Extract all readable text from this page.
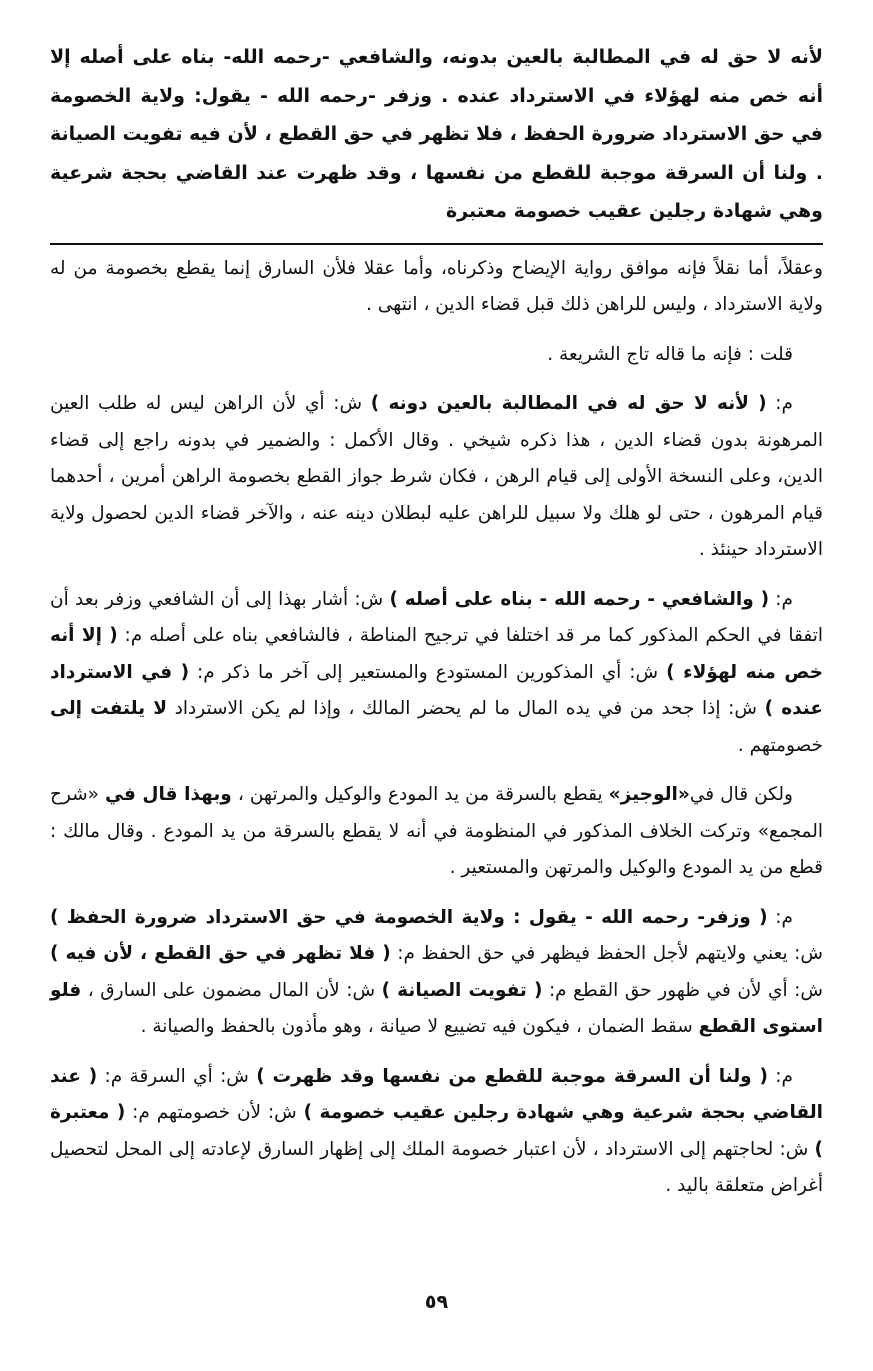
لأنه لا حق له في المطالبة بالعين بدونه، والشافعي -رحمه الله- بناه على أصله إلا أنه خص منه لهؤلاء في الاسترداد عنده . وزفر -رحمه الله - يقول: ولاية الخصومة في حق الاسترداد ضرورة الحفظ ، فلا تظهر في حق القطع ، لأن فيه تفويت الصيانة . ولنا أن السرقة موجبة للقطع من نفسها ، وقد ظهرت عند القاضي بحجة شرعية وهي شهادة رجلين عقيب خصومة معتبرة

وعقلاً، أما نقلاً فإنه موافق رواية الإيضاح وذكرناه، وأما عقلا فلأن السارق إنما يقطع بخصومة من له ولاية الاسترداد ، وليس للراهن ذلك قبل قضاء الدين ، انتهى .

قلت : فإنه ما قاله تاج الشريعة .

م: ( لأنه لا حق له في المطالبة بالعين دونه ) ش: أي لأن الراهن ليس له طلب العين المرهونة بدون قضاء الدين ، هذا ذكره شيخي . وقال الأكمل : والضمير في بدونه راجع إلى قضاء الدين، وعلى النسخة الأولى إلى قيام الرهن ، فكان شرط جواز القطع بخصومة الراهن أمرين ، أحدهما قيام المرهون ، حتى لو هلك ولا سبيل للراهن عليه لبطلان دينه عنه ، والآخر قضاء الدين لحصول ولاية الاسترداد حينئذ .

م: ( والشافعي - رحمه الله - بناه على أصله ) ش: أشار بهذا إلى أن الشافعي وزفر بعد أن اتفقا في الحكم المذكور كما مر قد اختلفا في ترجيح المناطة ، فالشافعي بناه على أصله م: ( إلا أنه خص منه لهؤلاء ) ش: أي المذكورين المستودع والمستعير إلى آخر ما ذكر م: ( في الاسترداد عنده ) ش: إذا جحد من في يده المال ما لم يحضر المالك ، وإذا لم يكن الاسترداد لا يلتفت إلى خصومتهم .

ولكن قال في«الوجيز» يقطع بالسرقة من يد المودع والوكيل والمرتهن ، وبهذا قال في «شرح المجمع» وتركت الخلاف المذكور في المنظومة في أنه لا يقطع بالسرقة من يد المودع . وقال مالك : قطع من يد المودع والوكيل والمرتهن والمستعير .

م: ( وزفر- رحمه الله - يقول : ولاية الخصومة في حق الاسترداد ضرورة الحفظ ) ش: يعني ولايتهم لأجل الحفظ فيظهر في حق الحفظ م: ( فلا تظهر في حق القطع ، لأن فيه ) ش: أي لأن في ظهور حق القطع م: ( تفويت الصيانة ) ش: لأن المال مضمون على السارق ، فلو استوى القطع سقط الضمان ، فيكون فيه تضييع لا صيانة ، وهو مأذون بالحفظ والصيانة .

م: ( ولنا أن السرقة موجبة للقطع من نفسها وقد ظهرت ) ش: أي السرقة م: ( عند القاضي بحجة شرعية وهي شهادة رجلين عقيب خصومة ) ش: لأن خصومتهم م: ( معتبرة ) ش: لحاجتهم إلى الاسترداد ، لأن اعتبار خصومة الملك إلى إظهار السارق لإعادته إلى المحل لتحصيل أغراض متعلقة باليد .

٥٩
